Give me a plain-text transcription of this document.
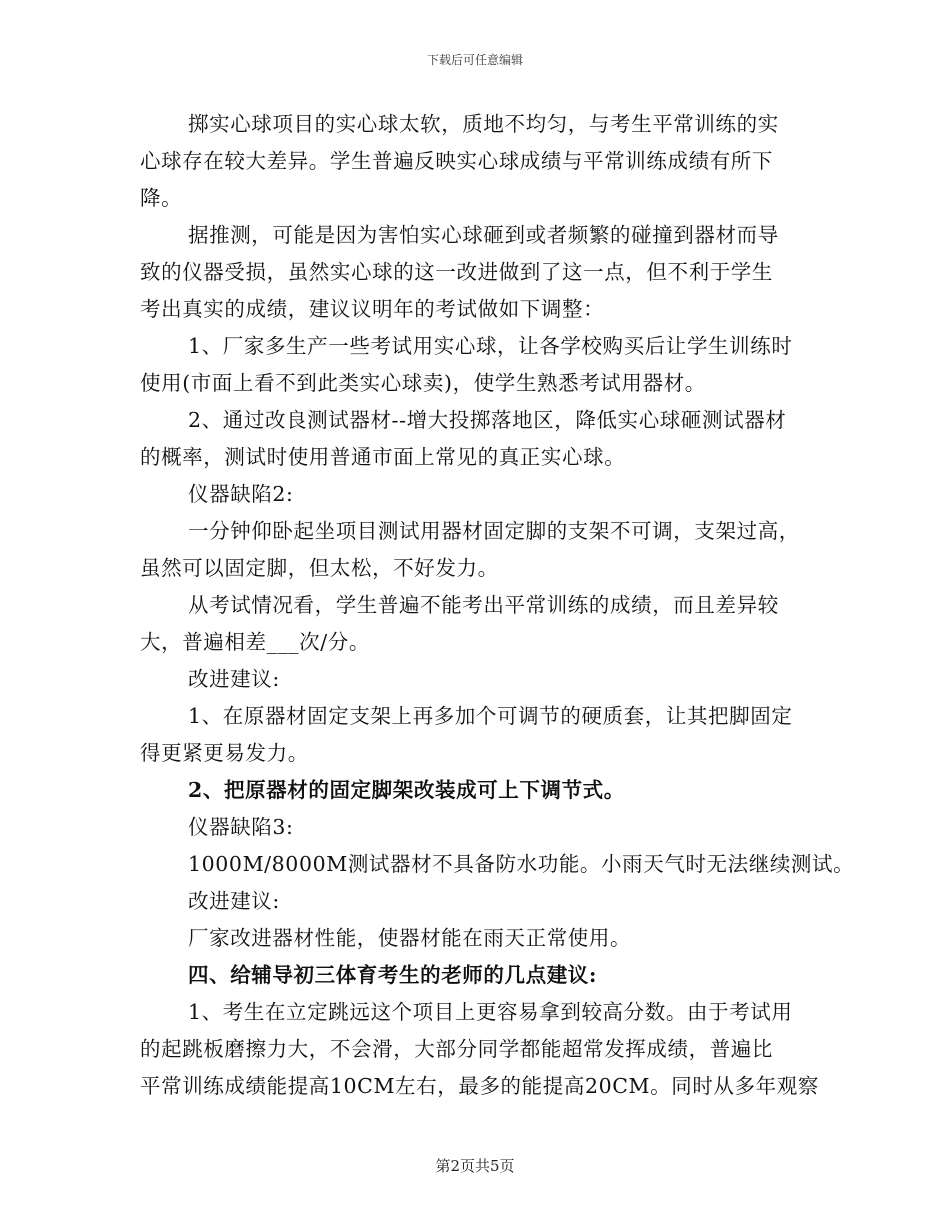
下载后可任意编辑
掷实心球项目的实心球太软，质地不均匀，与考生平常训练的实
心球存在较大差异。学生普遍反映实心球成绩与平常训练成绩有所下
降。
据推测，可能是因为害怕实心球砸到或者频繁的碰撞到器材而导
致的仪器受损，虽然实心球的这一改进做到了这一点，但不利于学生
考出真实的成绩，建议议明年的考试做如下调整：
1、厂家多生产一些考试用实心球，让各学校购买后让学生训练时
使用(市面上看不到此类实心球卖)，使学生熟悉考试用器材。
2、通过改良测试器材--增大投掷落地区，降低实心球砸测试器材
的概率，测试时使用普通市面上常见的真正实心球。
仪器缺陷2:
一分钟仰卧起坐项目测试用器材固定脚的支架不可调，支架过高，
虽然可以固定脚，但太松，不好发力。
从考试情况看，学生普遍不能考出平常训练的成绩，而且差异较
大，普遍相差___次/分。
改进建议:
1、在原器材固定支架上再多加个可调节的硬质套，让其把脚固定
得更紧更易发力。
2、把原器材的固定脚架改装成可上下调节式。
仪器缺陷3:
1000M/8000M测试器材不具备防水功能。小雨天气时无法继续测试。
改进建议:
厂家改进器材性能，使器材能在雨天正常使用。
四、给辅导初三体育考生的老师的几点建议:
1、考生在立定跳远这个项目上更容易拿到较高分数。由于考试用
的起跳板磨擦力大，不会滑，大部分同学都能超常发挥成绩，普遍比
平常训练成绩能提高10CM左右，最多的能提高20CM。同时从多年观察
第2页共5页
